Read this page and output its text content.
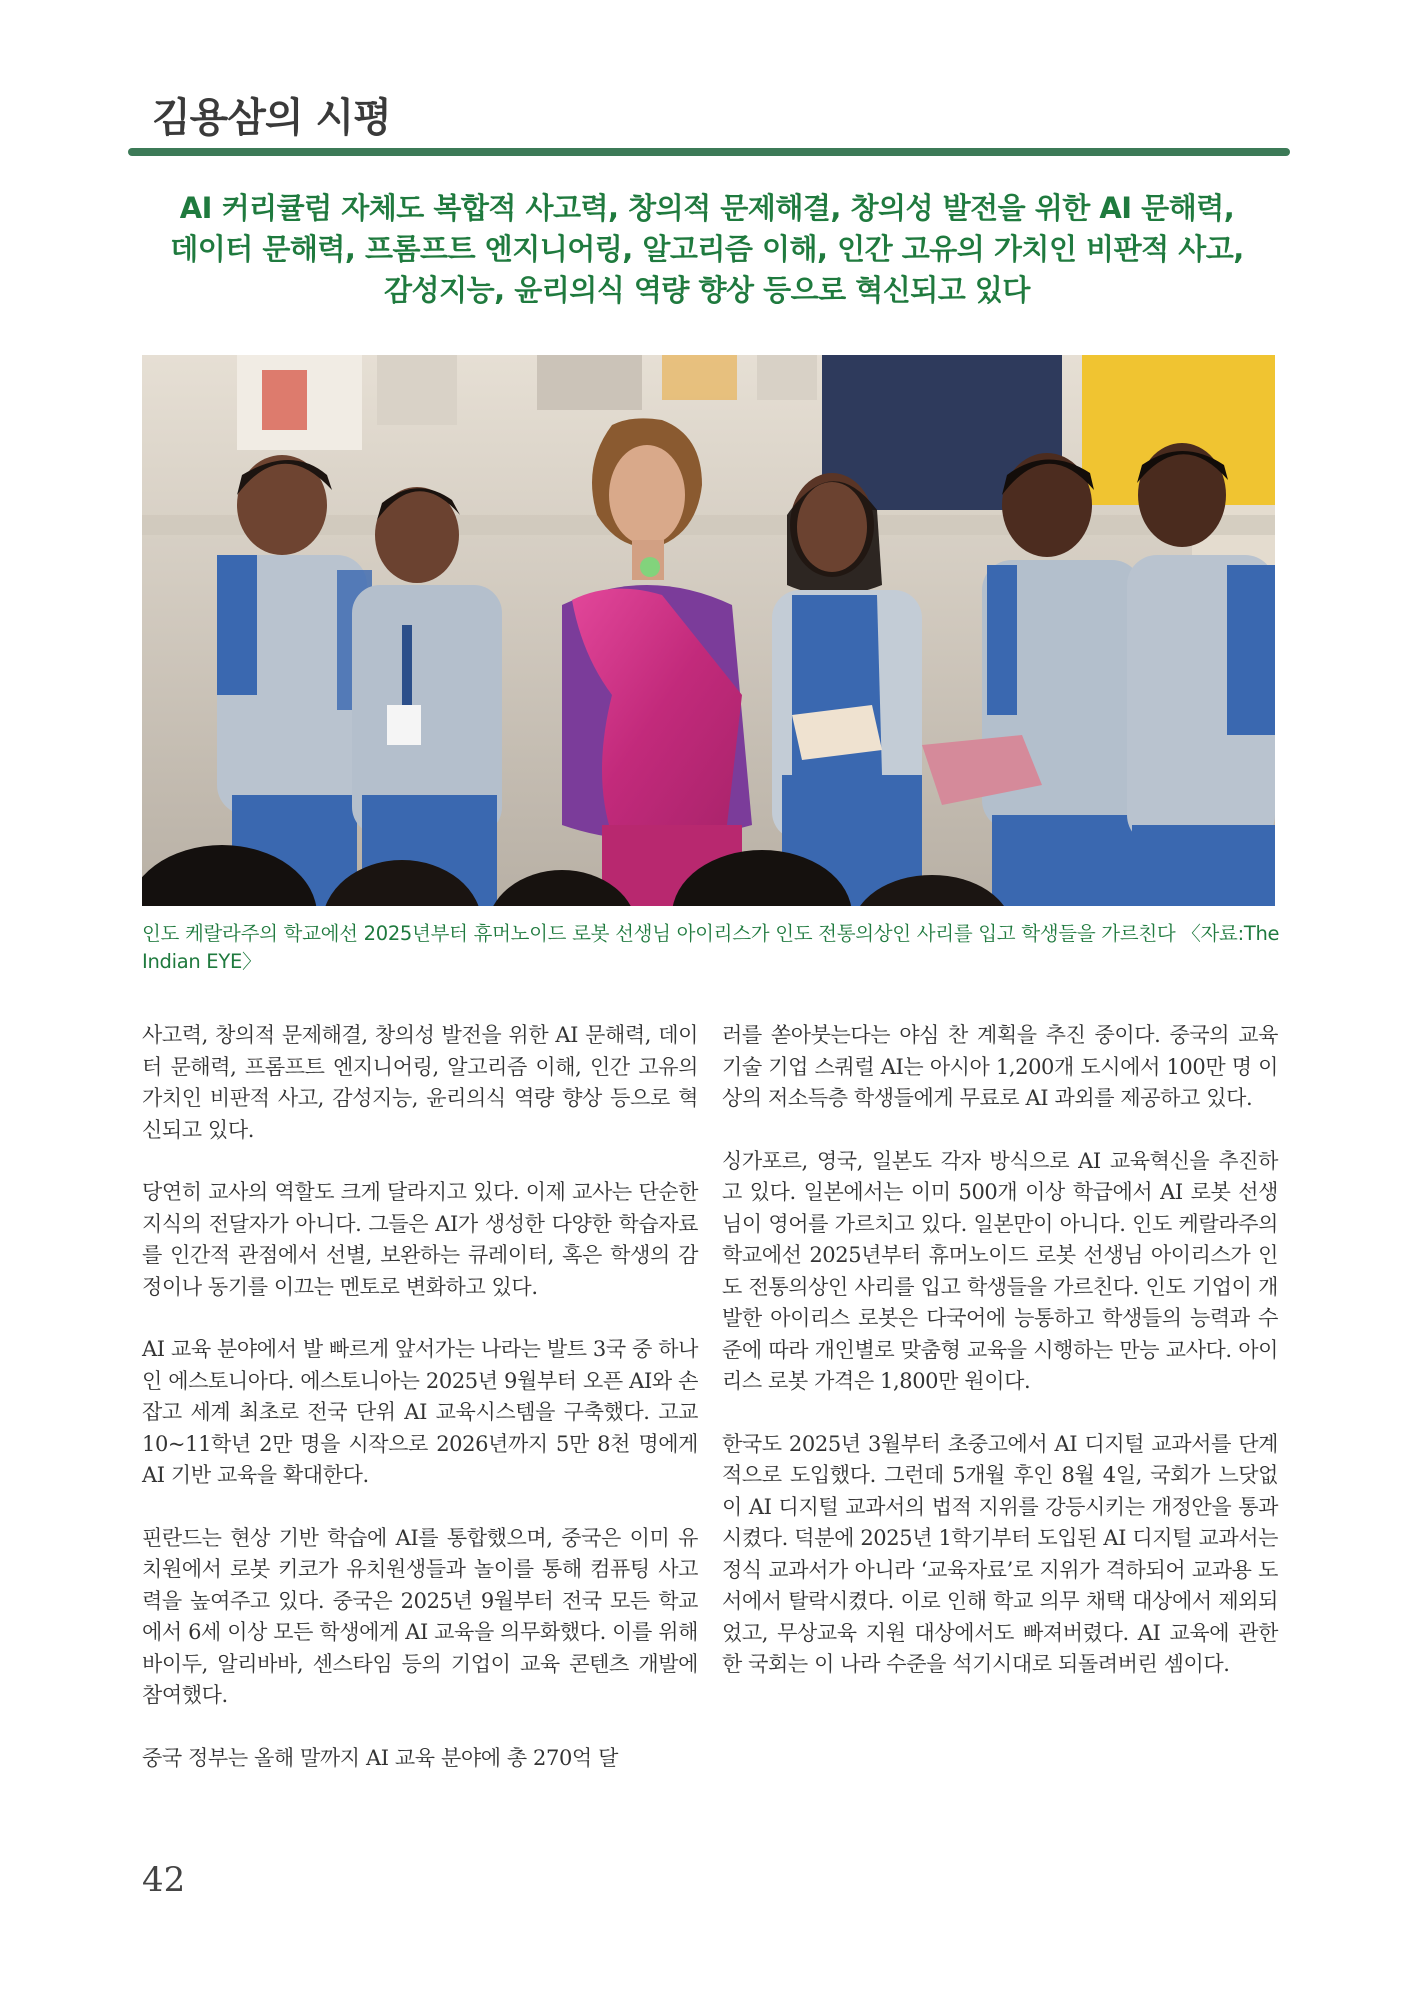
김용삼의 시평
AI 커리큘럼 자체도 복합적 사고력, 창의적 문제해결, 창의성 발전을 위한 AI 문해력,
데이터 문해력, 프롬프트 엔지니어링, 알고리즘 이해, 인간 고유의 가치인 비판적 사고,
감성지능, 윤리의식 역량 향상 등으로 혁신되고 있다
인도 케랄라주의 학교에선 2025년부터 휴머노이드 로봇 선생님 아이리스가 인도 전통의상인 사리를 입고 학생들을 가르친다 〈자료:The Indian EYE〉

사고력, 창의적 문제해결, 창의성 발전을 위한 AI 문해력, 데이터 문해력, 프롬프트 엔지니어링, 알고리즘 이해, 인간 고유의 가치인 비판적 사고, 감성지능, 윤리의식 역량 향상 등으로 혁신되고 있다.

당연히 교사의 역할도 크게 달라지고 있다. 이제 교사는 단순한 지식의 전달자가 아니다. 그들은 AI가 생성한 다양한 학습자료를 인간적 관점에서 선별, 보완하는 큐레이터, 혹은 학생의 감정이나 동기를 이끄는 멘토로 변화하고 있다.

AI 교육 분야에서 발 빠르게 앞서가는 나라는 발트 3국 중 하나인 에스토니아다. 에스토니아는 2025년 9월부터 오픈 AI와 손잡고 세계 최초로 전국 단위 AI 교육시스템을 구축했다. 고교 10~11학년 2만 명을 시작으로 2026년까지 5만 8천 명에게 AI 기반 교육을 확대한다.

핀란드는 현상 기반 학습에 AI를 통합했으며, 중국은 이미 유치원에서 로봇 키코가 유치원생들과 놀이를 통해 컴퓨팅 사고력을 높여주고 있다. 중국은 2025년 9월부터 전국 모든 학교에서 6세 이상 모든 학생에게 AI 교육을 의무화했다. 이를 위해 바이두, 알리바바, 센스타임 등의 기업이 교육 콘텐츠 개발에 참여했다.

중국 정부는 올해 말까지 AI 교육 분야에 총 270억 달

러를 쏟아붓는다는 야심 찬 계획을 추진 중이다. 중국의 교육 기술 기업 스쿼럴 AI는 아시아 1,200개 도시에서 100만 명 이상의 저소득층 학생들에게 무료로 AI 과외를 제공하고 있다.

싱가포르, 영국, 일본도 각자 방식으로 AI 교육혁신을 추진하고 있다. 일본에서는 이미 500개 이상 학급에서 AI 로봇 선생님이 영어를 가르치고 있다. 일본만이 아니다. 인도 케랄라주의 학교에선 2025년부터 휴머노이드 로봇 선생님 아이리스가 인도 전통의상인 사리를 입고 학생들을 가르친다. 인도 기업이 개발한 아이리스 로봇은 다국어에 능통하고 학생들의 능력과 수준에 따라 개인별로 맞춤형 교육을 시행하는 만능 교사다. 아이리스 로봇 가격은 1,800만 원이다.

한국도 2025년 3월부터 초중고에서 AI 디지털 교과서를 단계적으로 도입했다. 그런데 5개월 후인 8월 4일, 국회가 느닷없이 AI 디지털 교과서의 법적 지위를 강등시키는 개정안을 통과시켰다. 덕분에 2025년 1학기부터 도입된 AI 디지털 교과서는 정식 교과서가 아니라 ‘교육자료’로 지위가 격하되어 교과용 도서에서 탈락시켰다. 이로 인해 학교 의무 채택 대상에서 제외되었고, 무상교육 지원 대상에서도 빠져버렸다. AI 교육에 관한 한 국회는 이 나라 수준을 석기시대로 되돌려버린 셈이다.

42
